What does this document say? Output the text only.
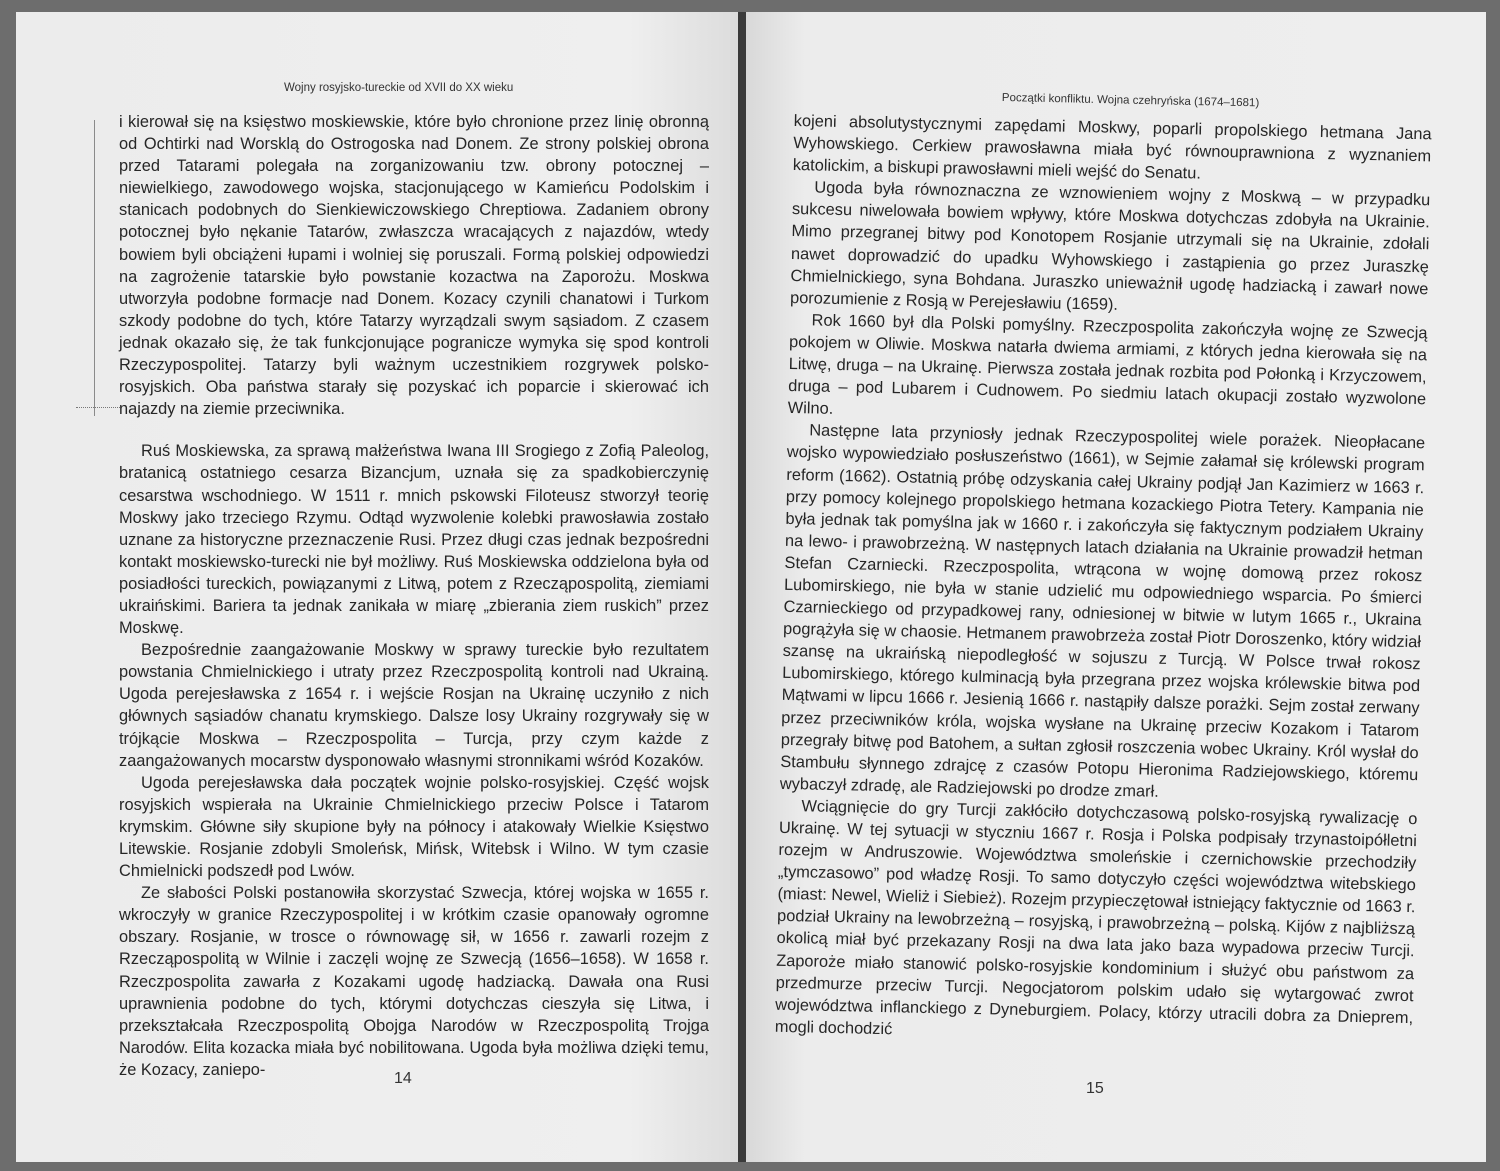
Wojny rosyjsko-tureckie od XVII do XX wieku

i kierował się na księstwo moskiewskie, które było chronione przez linię obronną od Ochtirki nad Worsklą do Ostrogoska nad Donem. Ze strony polskiej obrona przed Tatarami polegała na zorganizowaniu tzw. obrony potocznej – niewielkiego, zawodowego wojska, stacjonującego w Kamieńcu Podolskim i stanicach podobnych do Sienkiewiczowskiego Chreptiowa. Zadaniem obrony potocznej było nękanie Tatarów, zwłaszcza wracających z najazdów, wtedy bowiem byli obciążeni łupami i wolniej się poruszali. Formą polskiej odpowiedzi na zagrożenie tatarskie było powstanie kozactwa na Zaporożu. Moskwa utworzyła podobne formacje nad Donem. Kozacy czynili chanatowi i Turkom szkody podobne do tych, które Tatarzy wyrządzali swym sąsiadom. Z czasem jednak okazało się, że tak funkcjonujące pogranicze wymyka się spod kontroli Rzeczypospolitej. Tatarzy byli ważnym uczestnikiem rozgrywek polsko-rosyjskich. Oba państwa starały się pozyskać ich poparcie i skierować ich najazdy na ziemie przeciwnika.

Ruś Moskiewska, za sprawą małżeństwa Iwana III Srogiego z Zofią Paleolog, bratanicą ostatniego cesarza Bizancjum, uznała się za spadkobierczynię cesarstwa wschodniego. W 1511 r. mnich pskowski Filoteusz stworzył teorię Moskwy jako trzeciego Rzymu. Odtąd wyzwolenie kolebki prawosławia zostało uznane za historyczne przeznaczenie Rusi. Przez długi czas jednak bezpośredni kontakt moskiewsko-turecki nie był możliwy. Ruś Moskiewska oddzielona była od posiadłości tureckich, powiązanymi z Litwą, potem z Rzecząpospolitą, ziemiami ukraińskimi. Bariera ta jednak zanikała w miarę „zbierania ziem ruskich” przez Moskwę.

Bezpośrednie zaangażowanie Moskwy w sprawy tureckie było rezultatem powstania Chmielnickiego i utraty przez Rzeczpospolitą kontroli nad Ukrainą. Ugoda perejesławska z 1654 r. i wejście Rosjan na Ukrainę uczyniło z nich głównych sąsiadów chanatu krymskiego. Dalsze losy Ukrainy rozgrywały się w trójkącie Moskwa – Rzeczpospolita – Turcja, przy czym każde z zaangażowanych mocarstw dysponowało własnymi stronnikami wśród Kozaków.

Ugoda perejesławska dała początek wojnie polsko-rosyjskiej. Część wojsk rosyjskich wspierała na Ukrainie Chmielnickiego przeciw Polsce i Tatarom krymskim. Główne siły skupione były na północy i atakowały Wielkie Księstwo Litewskie. Rosjanie zdobyli Smoleńsk, Mińsk, Witebsk i Wilno. W tym czasie Chmielnicki podszedł pod Lwów.

Ze słabości Polski postanowiła skorzystać Szwecja, której wojska w 1655 r. wkroczyły w granice Rzeczypospolitej i w krótkim czasie opanowały ogromne obszary. Rosjanie, w trosce o równowagę sił, w 1656 r. zawarli rozejm z Rzecząpospolitą w Wilnie i zaczęli wojnę ze Szwecją (1656–1658). W 1658 r. Rzeczpospolita zawarła z Kozakami ugodę hadziacką. Dawała ona Rusi uprawnienia podobne do tych, którymi dotychczas cieszyła się Litwa, i przekształcała Rzeczpospolitą Obojga Narodów w Rzeczpospolitą Trojga Narodów. Elita kozacka miała być nobilitowana. Ugoda była możliwa dzięki temu, że Kozacy, zaniepo-	14
Początki konfliktu. Wojna czehryńska (1674–1681)

kojeni absolutystycznymi zapędami Moskwy, poparli propolskiego hetmana Jana Wyhowskiego. Cerkiew prawosławna miała być równouprawniona z wyznaniem katolickim, a biskupi prawosławni mieli wejść do Senatu.

Ugoda była równoznaczna ze wznowieniem wojny z Moskwą – w przypadku sukcesu niwelowała bowiem wpływy, które Moskwa dotychczas zdobyła na Ukrainie. Mimo przegranej bitwy pod Konotopem Rosjanie utrzymali się na Ukrainie, zdołali nawet doprowadzić do upadku Wyhowskiego i zastąpienia go przez Juraszkę Chmielnickiego, syna Bohdana. Juraszko unieważnił ugodę hadziacką i zawarł nowe porozumienie z Rosją w Perejesławiu (1659).

Rok 1660 był dla Polski pomyślny. Rzeczpospolita zakończyła wojnę ze Szwecją pokojem w Oliwie. Moskwa natarła dwiema armiami, z których jedna kierowała się na Litwę, druga – na Ukrainę. Pierwsza została jednak rozbita pod Połonką i Krzyczowem, druga – pod Lubarem i Cudnowem. Po siedmiu latach okupacji zostało wyzwolone Wilno.

Następne lata przyniosły jednak Rzeczypospolitej wiele porażek. Nieopłacane wojsko wypowiedziało posłuszeństwo (1661), w Sejmie załamał się królewski program reform (1662). Ostatnią próbę odzyskania całej Ukrainy podjął Jan Kazimierz w 1663 r. przy pomocy kolejnego propolskiego hetmana kozackiego Piotra Tetery. Kampania nie była jednak tak pomyślna jak w 1660 r. i zakończyła się faktycznym podziałem Ukrainy na lewo- i prawobrzeżną. W następnych latach działania na Ukrainie prowadził hetman Stefan Czarniecki. Rzeczpospolita, wtrącona w wojnę domową przez rokosz Lubomirskiego, nie była w stanie udzielić mu odpowiedniego wsparcia. Po śmierci Czarnieckiego od przypadkowej rany, odniesionej w bitwie w lutym 1665 r., Ukraina pogrążyła się w chaosie. Hetmanem prawobrzeża został Piotr Doroszenko, który widział szansę na ukraińską niepodległość w sojuszu z Turcją. W Polsce trwał rokosz Lubomirskiego, którego kulminacją była przegrana przez wojska królewskie bitwa pod Mątwami w lipcu 1666 r. Jesienią 1666 r. nastąpiły dalsze porażki. Sejm został zerwany przez przeciwników króla, wojska wysłane na Ukrainę przeciw Kozakom i Tatarom przegrały bitwę pod Batohem, a sułtan zgłosił roszczenia wobec Ukrainy. Król wysłał do Stambułu słynnego zdrajcę z czasów Potopu Hieronima Radziejowskiego, któremu wybaczył zdradę, ale Radziejowski po drodze zmarł.

Wciągnięcie do gry Turcji zakłóciło dotychczasową polsko-rosyjską rywalizację o Ukrainę. W tej sytuacji w styczniu 1667 r. Rosja i Polska podpisały trzynastoipółletni rozejm w Andruszowie. Województwa smoleńskie i czernichowskie przechodziły „tymczasowo” pod władzę Rosji. To samo dotyczyło części województwa witebskiego (miast: Newel, Wieliż i Siebież). Rozejm przypieczętował istniejący faktycznie od 1663 r. podział Ukrainy na lewobrzeżną – rosyjską, i prawobrzeżną – polską. Kijów z najbliższą okolicą miał być przekazany Rosji na dwa lata jako baza wypadowa przeciw Turcji. Zaporoże miało stanowić polsko-rosyjskie kondominium i służyć obu państwom za przedmurze przeciw Turcji. Negocjatorom polskim udało się wytargować zwrot województwa inflanckiego z Dyneburgiem. Polacy, którzy utracili dobra za Dnieprem, mogli dochodzić

15
